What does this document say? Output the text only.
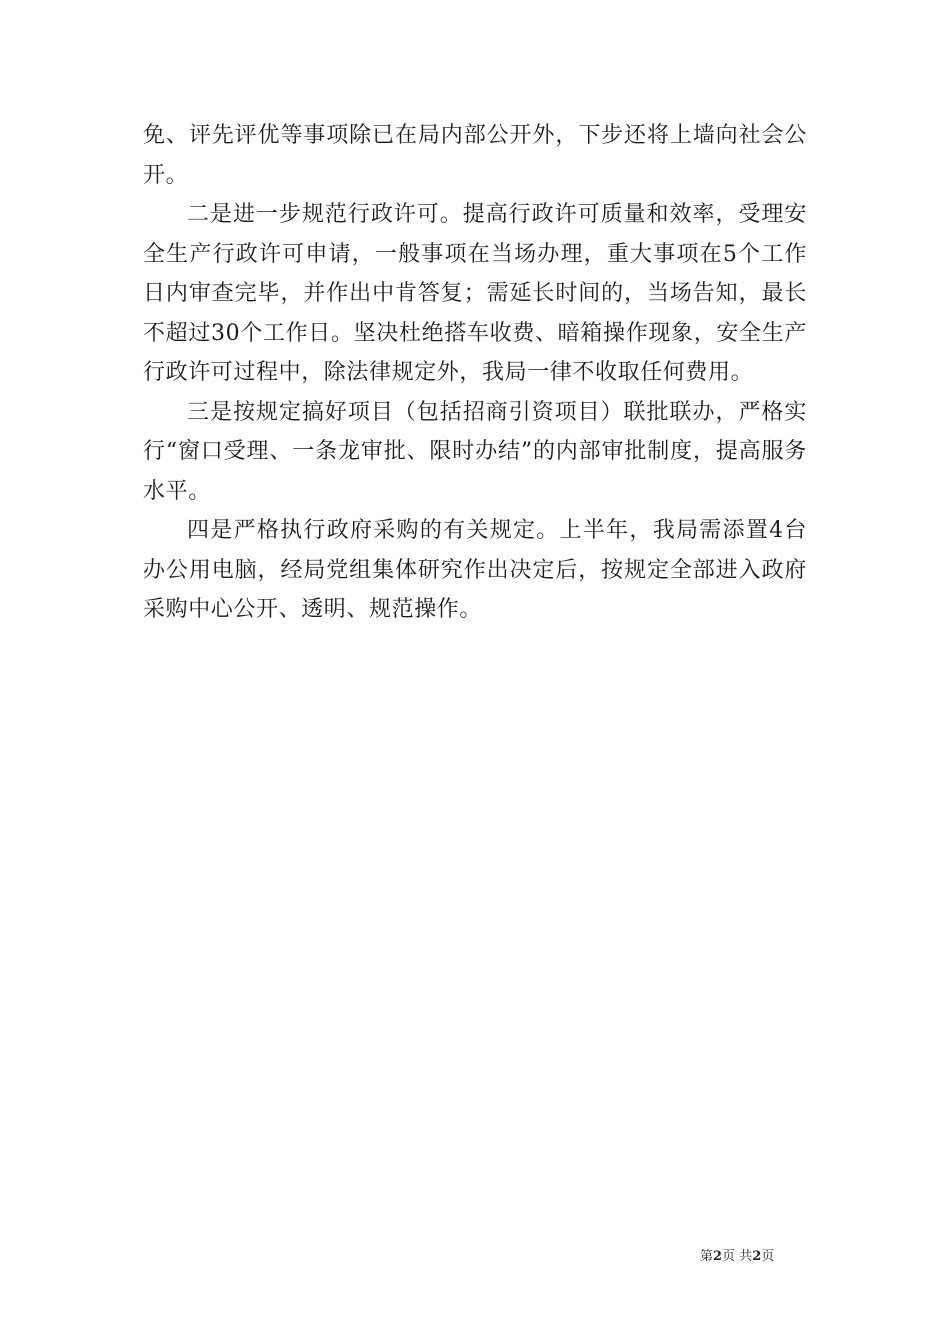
免、评先评优等事项除已在局内部公开外，下步还将上墙向社会公开。

二是进一步规范行政许可。提高行政许可质量和效率，受理安全生产行政许可申请，一般事项在当场办理，重大事项在5个工作日内审查完毕，并作出中肯答复；需延长时间的，当场告知，最长不超过30个工作日。坚决杜绝搭车收费、暗箱操作现象，安全生产行政许可过程中，除法律规定外，我局一律不收取任何费用。

三是按规定搞好项目（包括招商引资项目）联批联办，严格实行“窗口受理、一条龙审批、限时办结”的内部审批制度，提高服务水平。

四是严格执行政府采购的有关规定。上半年，我局需添置4台办公用电脑，经局党组集体研究作出决定后，按规定全部进入政府采购中心公开、透明、规范操作。

第2页 共2页
